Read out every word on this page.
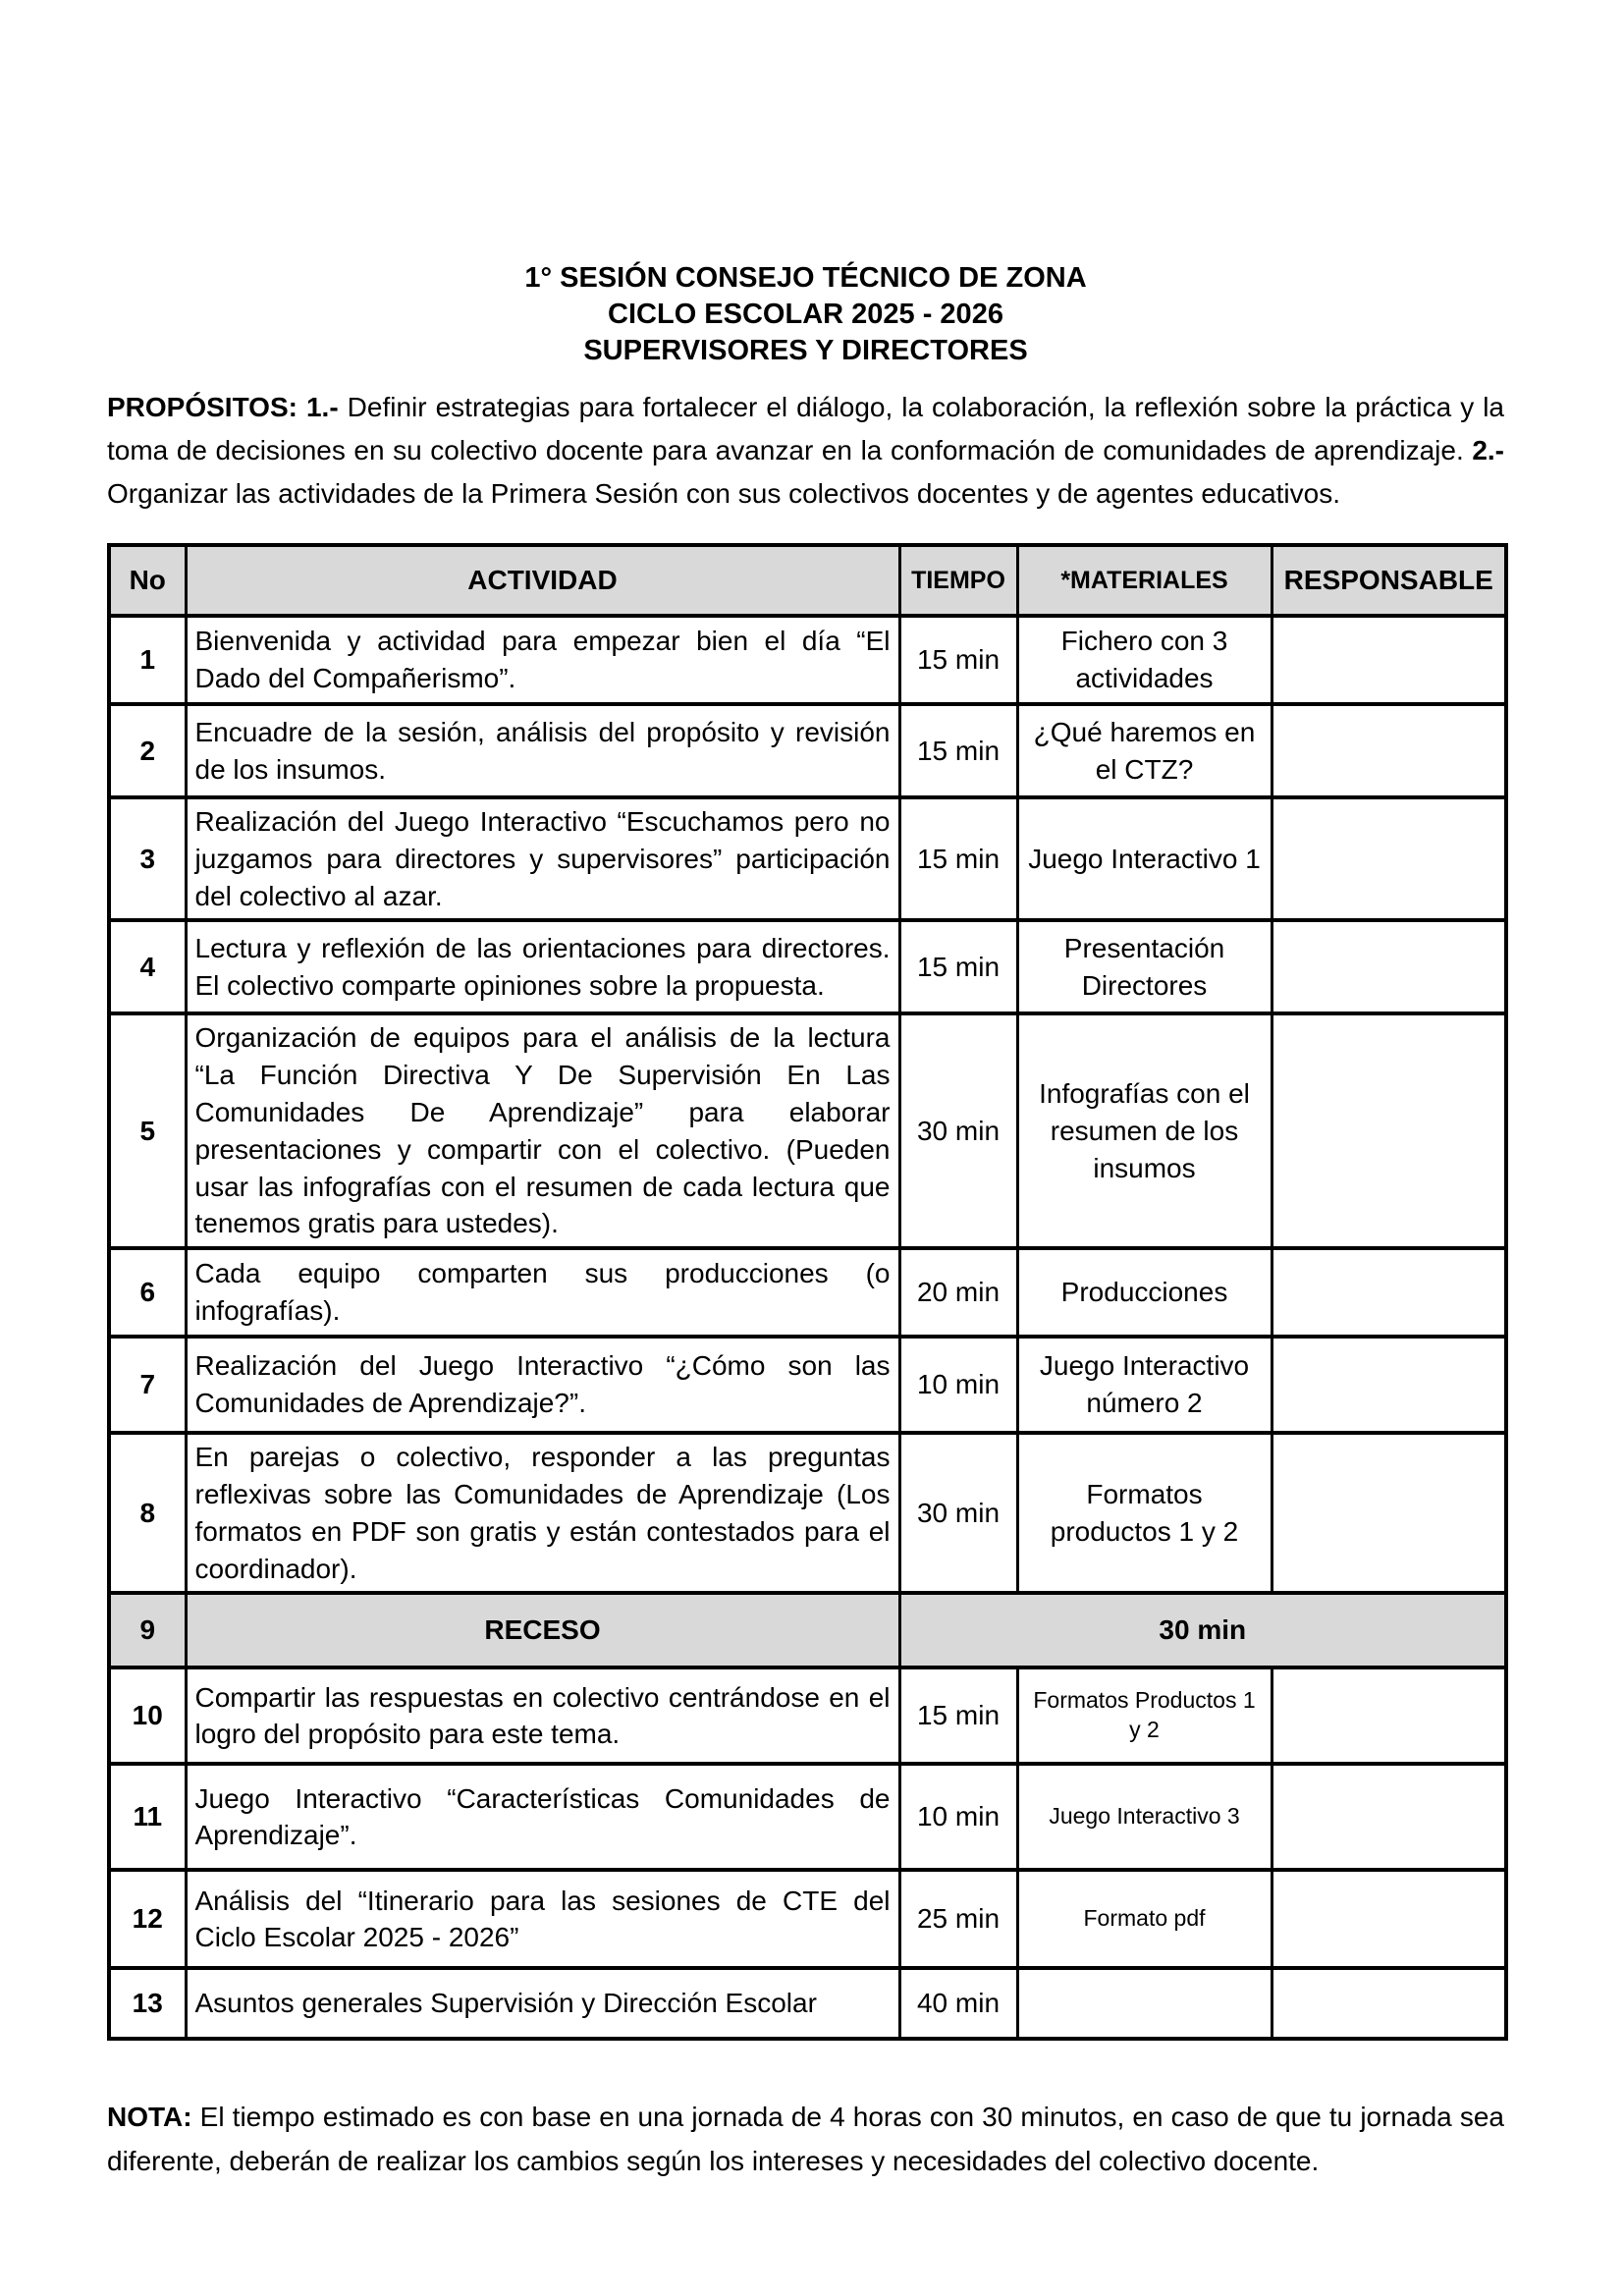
1° SESIÓN CONSEJO TÉCNICO DE ZONA
CICLO ESCOLAR 2025 - 2026
SUPERVISORES Y DIRECTORES

PROPÓSITOS: 1.- Definir estrategias para fortalecer el diálogo, la colaboración, la reflexión sobre la práctica y la toma de decisiones en su colectivo docente para avanzar en la conformación de comunidades de aprendizaje. 2.- Organizar las actividades de la Primera Sesión con sus colectivos docentes y de agentes educativos.

No	ACTIVIDAD	TIEMPO	*MATERIALES	RESPONSABLE
1	Bienvenida y actividad para empezar bien el día “El Dado del Compañerismo”.	15 min	Fichero con 3 actividades	
2	Encuadre de la sesión, análisis del propósito y revisión de los insumos.	15 min	¿Qué haremos en el CTZ?	
3	Realización del Juego Interactivo “Escuchamos pero no juzgamos para directores y supervisores” participación del colectivo al azar.	15 min	Juego Interactivo 1	
4	Lectura y reflexión de las orientaciones para directores. El colectivo comparte opiniones sobre la propuesta.	15 min	Presentación Directores	
5	Organización de equipos para el análisis de la lectura “La Función Directiva Y De Supervisión En Las Comunidades De Aprendizaje” para elaborar presentaciones y compartir con el colectivo. (Pueden usar las infografías con el resumen de cada lectura que tenemos gratis para ustedes).	30 min	Infografías con el resumen de los insumos	
6	Cada equipo comparten sus producciones (o infografías).	20 min	Producciones	
7	Realización del Juego Interactivo “¿Cómo son las Comunidades de Aprendizaje?”.	10 min	Juego Interactivo número 2	
8	En parejas o colectivo, responder a las preguntas reflexivas sobre las Comunidades de Aprendizaje (Los formatos en PDF son gratis y están contestados para el coordinador).	30 min	Formatos productos 1 y 2	
9	RECESO	30 min		
10	Compartir las respuestas en colectivo centrándose en el logro del propósito para este tema.	15 min	Formatos Productos 1 y 2	
11	Juego Interactivo “Características Comunidades de Aprendizaje”.	10 min	Juego Interactivo 3	
12	Análisis del “Itinerario para las sesiones de CTE del Ciclo Escolar 2025 - 2026”	25 min	Formato pdf	
13	Asuntos generales Supervisión y Dirección Escolar	40 min		

NOTA: El tiempo estimado es con base en una jornada de 4 horas con 30 minutos, en caso de que tu jornada sea diferente, deberán de realizar los cambios según los intereses y necesidades del colectivo docente.
